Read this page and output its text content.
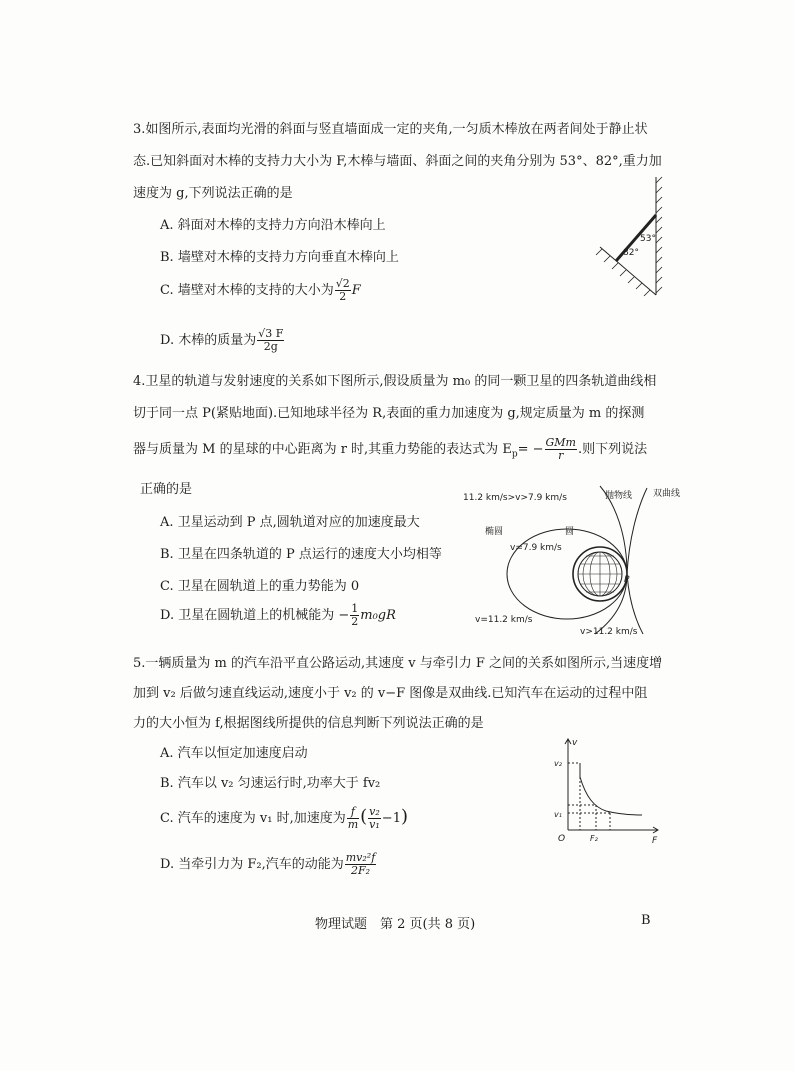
3.如图所示,表面均光滑的斜面与竖直墙面成一定的夹角,一匀质木棒放在两者间处于静止状
态.已知斜面对木棒的支持力大小为 F,木棒与墙面、斜面之间的夹角分别为 53°、82°,重力加
速度为 g,下列说法正确的是
A. 斜面对木棒的支持力方向沿木棒向上
B. 墙壁对木棒的支持力方向垂直木棒向上
C. 墙壁对木棒的支持的大小为 $\frac{√2}{2}$ F
D. 木棒的质量为 $\frac{√3 F}{2g}$
53°
82°
4.卫星的轨道与发射速度的关系如下图所示,假设质量为 m₀ 的同一颗卫星的四条轨道曲线相
切于同一点 P(紧贴地面).已知地球半径为 R,表面的重力加速度为 g,规定质量为 m 的探测
器与质量为 M 的星球的中心距离为 r 时,其重力势能的表达式为 $E_p= - \frac{\text{GMm}}{r}$ .则下列说法
正确的是
A. 卫星运动到 P 点,圆轨道对应的加速度最大
B. 卫星在四条轨道的 P 点运行的速度大小均相等
C. 卫星在圆轨道上的重力势能为 0
D. 卫星在圆轨道上的机械能为 − $\frac{1}{2} m_0gR$
11.2 km/s>v>7.9 km/s	抛物线 双曲线
椭圆	圆
v=7.9 km/s
P
v=11.2 km/s
v>11.2 km/s
5.一辆质量为 m 的汽车沿平直公路运动,其速度 v 与牵引力 F 之间的关系如图所示,当速度增
加到 v₂ 后做匀速直线运动,速度小于 v₂ 的 v−F 图像是双曲线.已知汽车在运动的过程中阻
力的大小恒为 f,根据图线所提供的信息判断下列说法正确的是
A. 汽车以恒定加速度启动
B. 汽车以 v₂ 匀速运行时,功率大于 fv₂
C. 汽车的速度为 v₁ 时,加速度为 $\frac{f}{m}$ ( $\frac{\text{v₂}}{\text{v₁}} -1$)
D. 当牵引力为 F₂,汽车的动能为 $\frac{\text{mv₂²f}}{\text{2F₂}}$
v
F
O
v₂
v₁
F₂
物理试题　第 2 页(共 8 页)	B
